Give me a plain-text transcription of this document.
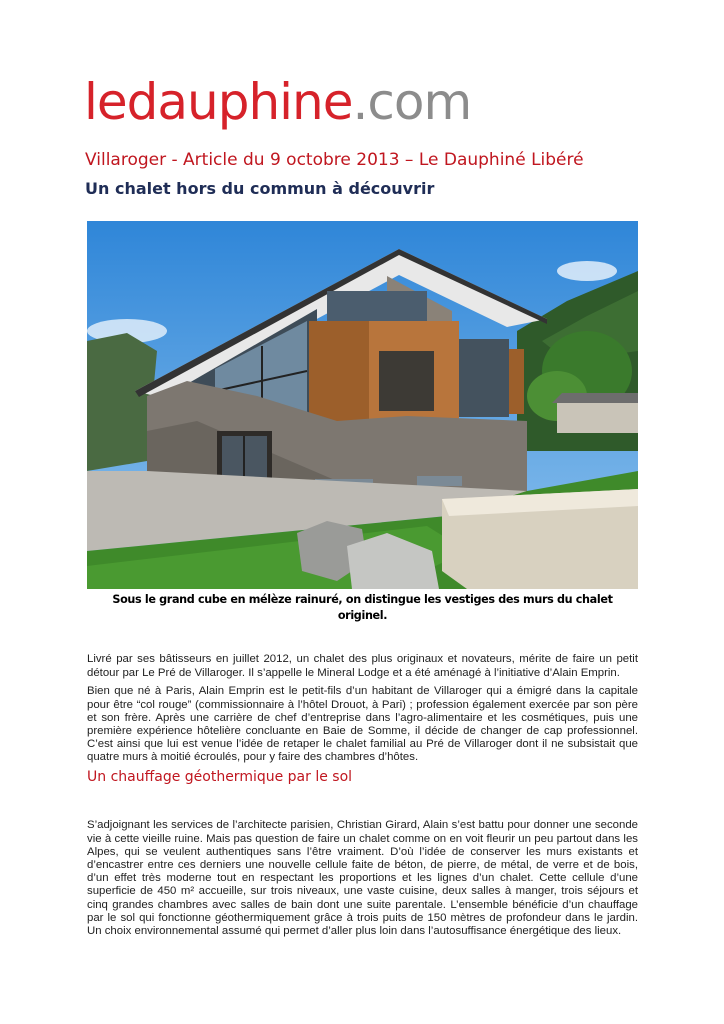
ledauphine.com
Villaroger - Article du 9 octobre 2013 – Le Dauphiné Libéré
Un chalet hors du commun à découvrir
Sous le grand cube en mélèze rainuré, on distingue les vestiges des murs du chalet originel.

Livré par ses bâtisseurs en juillet 2012, un chalet des plus originaux et novateurs, mérite de faire un petit détour par Le Pré de Villaroger. Il s’appelle le Mineral Lodge et a été aménagé à l’initiative d’Alain Emprin.

Bien que né à Paris, Alain Emprin est le petit-fils d’un habitant de Villaroger qui a émigré dans la capitale pour être “col rouge” (commissionnaire à l’hôtel Drouot, à Pari) ; profession également exercée par son père et son frère. Après une carrière de chef d’entreprise dans l’agro-alimentaire et les cosmétiques, puis une première expérience hôtelière concluante en Baie de Somme, il décide de changer de cap professionnel. C’est ainsi que lui est venue l’idée de retaper le chalet familial au Pré de Villaroger dont il ne subsistait que quatre murs à moitié écroulés, pour y faire des chambres d’hôtes.

Un chauffage géothermique par le sol

S’adjoignant les services de l’architecte parisien, Christian Girard, Alain s’est battu pour donner une seconde vie à cette vieille ruine. Mais pas question de faire un chalet comme on en voit fleurir un peu partout dans les Alpes, qui se veulent authentiques sans l’être vraiment. D’où l’idée de conserver les murs existants et d’encastrer entre ces derniers une nouvelle cellule faite de béton, de pierre, de métal, de verre et de bois, d’un effet très moderne tout en respectant les proportions et les lignes d’un chalet. Cette cellule d’une superficie de 450 m² accueille, sur trois niveaux, une vaste cuisine, deux salles à manger, trois séjours et cinq grandes chambres avec salles de bain dont une suite parentale. L’ensemble bénéficie d’un chauffage par le sol qui fonctionne géothermiquement grâce à trois puits de 150 mètres de profondeur dans le jardin. Un choix environnemental assumé qui permet d’aller plus loin dans l’autosuffisance énergétique des lieux.
